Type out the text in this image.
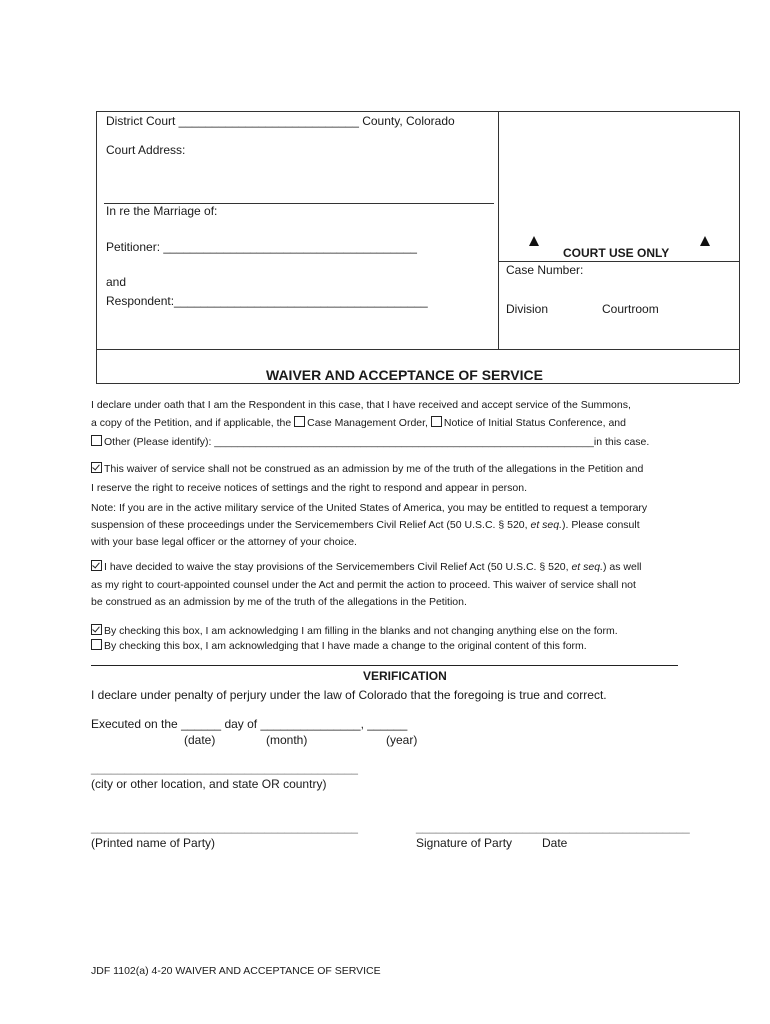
District Court ___________________________ County, Colorado
Court Address:
In re the Marriage of:
Petitioner: ______________________________________
and
Respondent:______________________________________
COURT USE ONLY
Case Number:
Division	Courtroom
WAIVER AND ACCEPTANCE OF SERVICE
I declare under oath that I am the Respondent in this case, that I have received and accept service of the Summons,
a copy of the Petition, and if applicable, the Case Management Order, Notice of Initial Status Conference, and
Other (Please identify): _________________________________________________________________in this case.
This waiver of service shall not be construed as an admission by me of the truth of the allegations in the Petition and
I reserve the right to receive notices of settings and the right to respond and appear in person.
Note: If you are in the active military service of the United States of America, you may be entitled to request a temporary
suspension of these proceedings under the Servicemembers Civil Relief Act (50 U.S.C. § 520, et seq.). Please consult
with your base legal officer or the attorney of your choice.
I have decided to waive the stay provisions of the Servicemembers Civil Relief Act (50 U.S.C. § 520, et seq.) as well
as my right to court-appointed counsel under the Act and permit the action to proceed. This waiver of service shall not
be construed as an admission by me of the truth of the allegations in the Petition.
By checking this box, I am acknowledging I am filling in the blanks and not changing anything else on the form.
By checking this box, I am acknowledging that I have made a change to the original content of this form.
VERIFICATION
I declare under penalty of perjury under the law of Colorado that the foregoing is true and correct.
Executed on the ______ day of _______________, ______
(date)	(month)	(year)
________________________________________
(city or other location, and state OR country)
________________________________________
(Printed name of Party)
_________________________________________
Signature of Party Date
JDF 1102(a) 4-20 WAIVER AND ACCEPTANCE OF SERVICE
